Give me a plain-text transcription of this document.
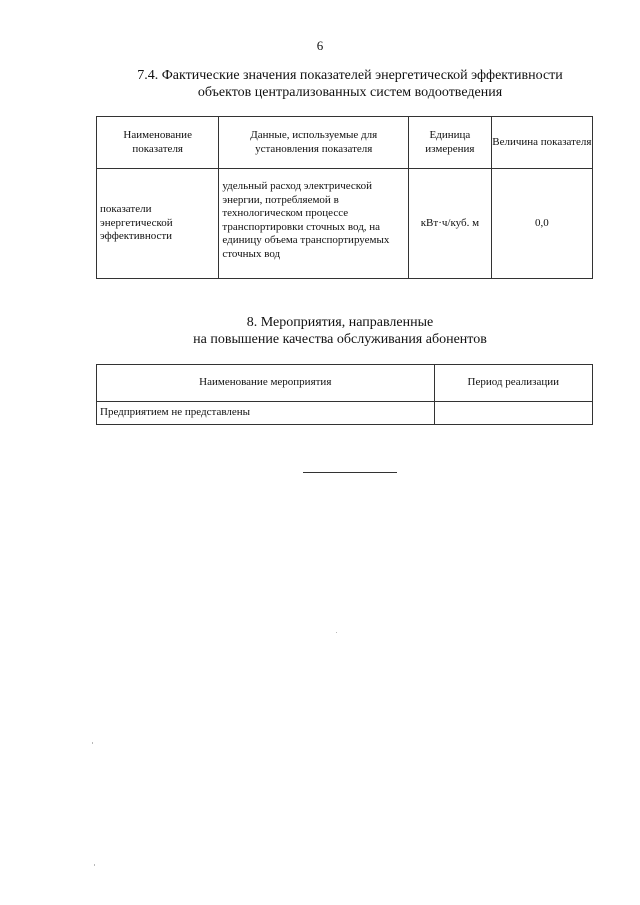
6
7.4. Фактические значения показателей энергетической эффективности
объектов централизованных систем водоотведения
Наименование показателя	Данные, используемые для установления показателя	Единица измерения	Величина показателя
показатели энергетической эффективности	удельный расход электрической энергии, потребляемой в технологическом процессе транспортировки сточных вод, на единицу объема транспортируемых сточных вод	кВт·ч/куб. м	0,0
8. Мероприятия, направленные
на повышение качества обслуживания абонентов
Наименование мероприятия	Период реализации
Предприятием не представлены	
